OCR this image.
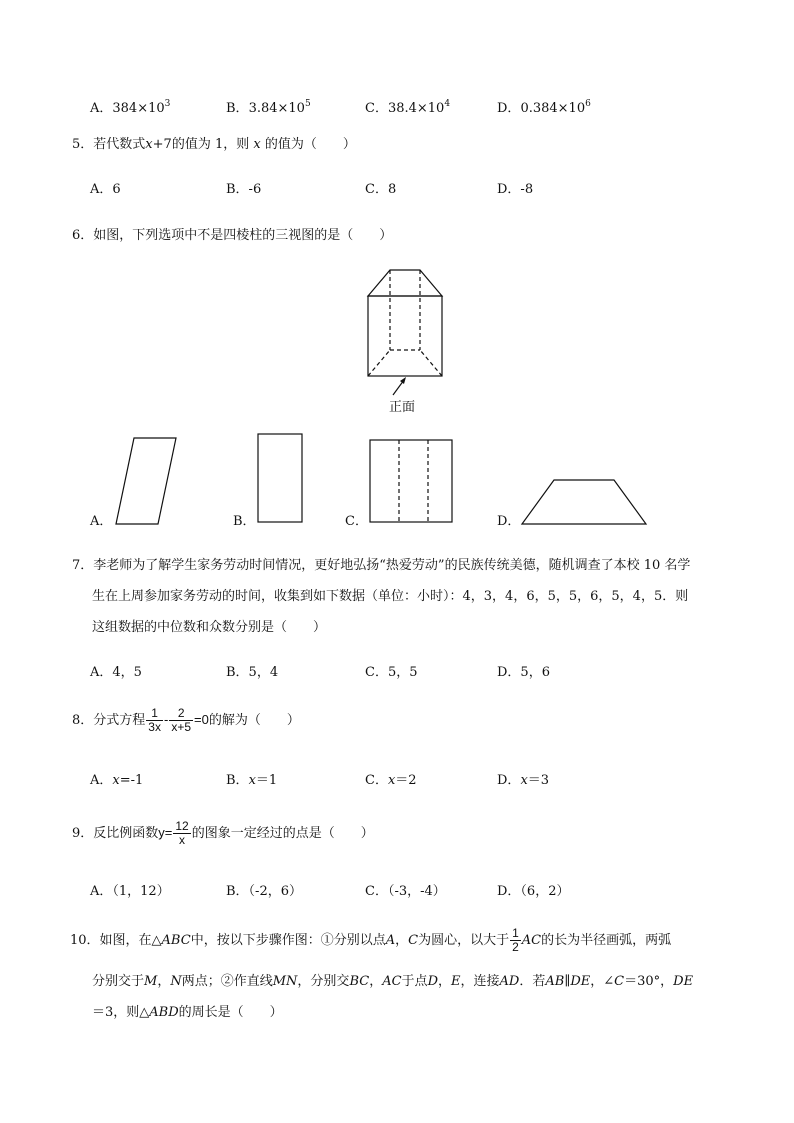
A．$384\times 10^3$	B．$3.84\times 10^5$	C．$38.4\times 10^4$	D．$0.384\times 10^6$
5．若代数式x+7的值为 1，则 x 的值为（　　）
A．6	B．-6	C．8	D．-8
6．如图，下列选项中不是四棱柱的三视图的是（　　）
正面
A．	B．	C．	D．
7．李老师为了解学生家务劳动时间情况，更好地弘扬“热爱劳动”的民族传统美德，随机调查了本校 10 名学
生在上周参加家务劳动的时间，收集到如下数据（单位：小时）：4，3，4，6，5，5，6，5，4，5．则
这组数据的中位数和众数分别是（　　）
A．4，5	B．5，4	C．5，5	D．5，6
8．分式方程 $\frac{1}{3x} - \frac{2}{x+5} =0$的解为（　　）
A．x=-1	B．x＝1	C．x＝2	D．x＝3
9．反比例函数$y= \frac{12}{x}$ 的图象一定经过的点是（　　）
A．（1，12）	B．（-2，6）	C．（-3，-4）	D．（6，2）
10．如图，在△ABC中，按以下步骤作图：①分别以点A，C为圆心，以大于 $\frac{1}{2}$ AC的长为半径画弧，两弧
分别交于M，N两点；②作直线MN，分别交BC，AC于点D，E，连接AD．若AB∥DE，∠C＝30°，DE
＝3，则△ABD的周长是（　　）
